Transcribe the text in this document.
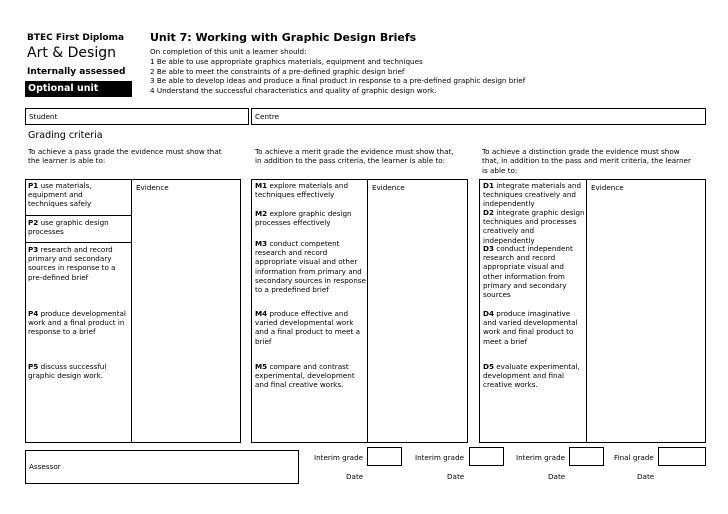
BTEC First Diploma
Art & Design
Internally assessed
Optional unit
Unit 7: Working with Graphic Design Briefs
On completion of this unit a learner should:
1 Be able to use appropriate graphics materials, equipment and techniques
2 Be able to meet the constraints of a pre-defined graphic design brief
3 Be able to develop ideas and produce a final product in response to a pre-defined graphic design brief
4 Understand the successful characteristics and quality of graphic design work.
Student	Centre
Grading criteria
To achieve a pass grade the evidence must show that
the learner is able to:
To achieve a merit grade the evidence must show that,
in addition to the pass criteria, the learner is able to:
To achieve a distinction grade the evidence must show
that, in addition to the pass and merit criteria, the learner
is able to:
Evidence
P1 use materials,
equipment and
techniques safely
P2 use graphic design
processes
P3 research and record
primary and secondary
sources in response to a
pre-defined brief
P4 produce developmental
work and a final product in
response to a brief
P5 discuss successful
graphic design work.
Evidence
M1 explore materials and
techniques effectively
M2 explore graphic design
processes effectively
M3 conduct competent
research and record
appropriate visual and other
information from primary and
secondary sources in response
to a predefined brief
M4 produce effective and
varied developmental work
and a final product to meet a
brief
M5 compare and contrast
experimental, development
and final creative works.
Evidence
D1 integrate materials and
techniques creatively and
independently
D2 integrate graphic design
techniques and processes
creatively and
independently
D3 conduct independent
research and record
appropriate visual and
other information from
primary and secondary
sources
D4 produce imaginative
and varied developmental
work and final product to
meet a brief
D5 evaluate experimental,
development and final
creative works.
Assessor
Interim grade	Interim grade	Interim grade	Final grade
Date	Date	Date	Date
